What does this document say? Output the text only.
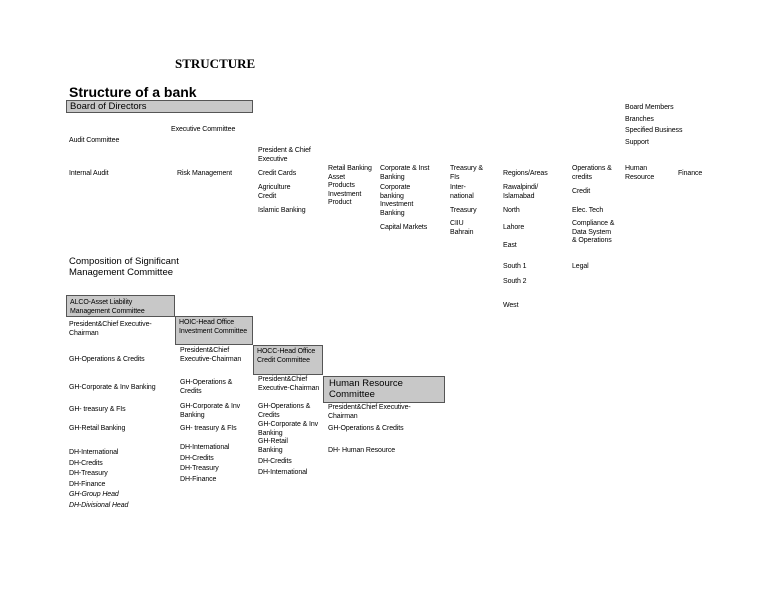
STRUCTURE
Structure of a bank
Board of Directors	Board Members
Branches
Specified Business
Support
Executive Committee
Audit Committee
President & Chief Executive
Internal Audit	Risk Management	Credit Cards
Agriculture Credit
Islamic Banking
Retail Banking Asset Products Investment Product
Corporate & Inst Banking
Corporate banking Investment Banking
Capital Markets
Treasury & FIs
Inter-national
Treasury
CIIU Bahrain
Regions/Areas
Rawalpindi/ Islamabad
North
Lahore
East
South 1
South 2
West
Operations & credits
Credit
Elec. Tech
Compliance & Data System & Operations
Legal
Human Resource	Finance
Composition of Significant Management Committee
ALCO-Asset Liability Management Committee
President&Chief Executive-Chairman
GH-Operations & Credits
GH-Corporate & Inv Banking
GH- treasury & FIs
GH-Retail Banking
DH-International
DH-Credits
DH-Treasury
DH-Finance
GH-Group Head
DH-Divisional Head
HOIC-Head Office Investment Committee
President&Chief Executive-Chairman
GH-Operations & Credits
GH-Corporate & Inv Banking
GH- treasury & FIs
DH-International
DH-Credits
DH-Treasury
DH-Finance
HOCC-Head Office Credit Committee
President&Chief Executive-Chairman
GH-Operations & Credits
GH-Corporate & Inv Banking
GH-Retail Banking
DH-Credits
DH-International
Human Resource Committee
President&Chief Executive-Chairman
GH-Operations & Credits
DH- Human Resource
